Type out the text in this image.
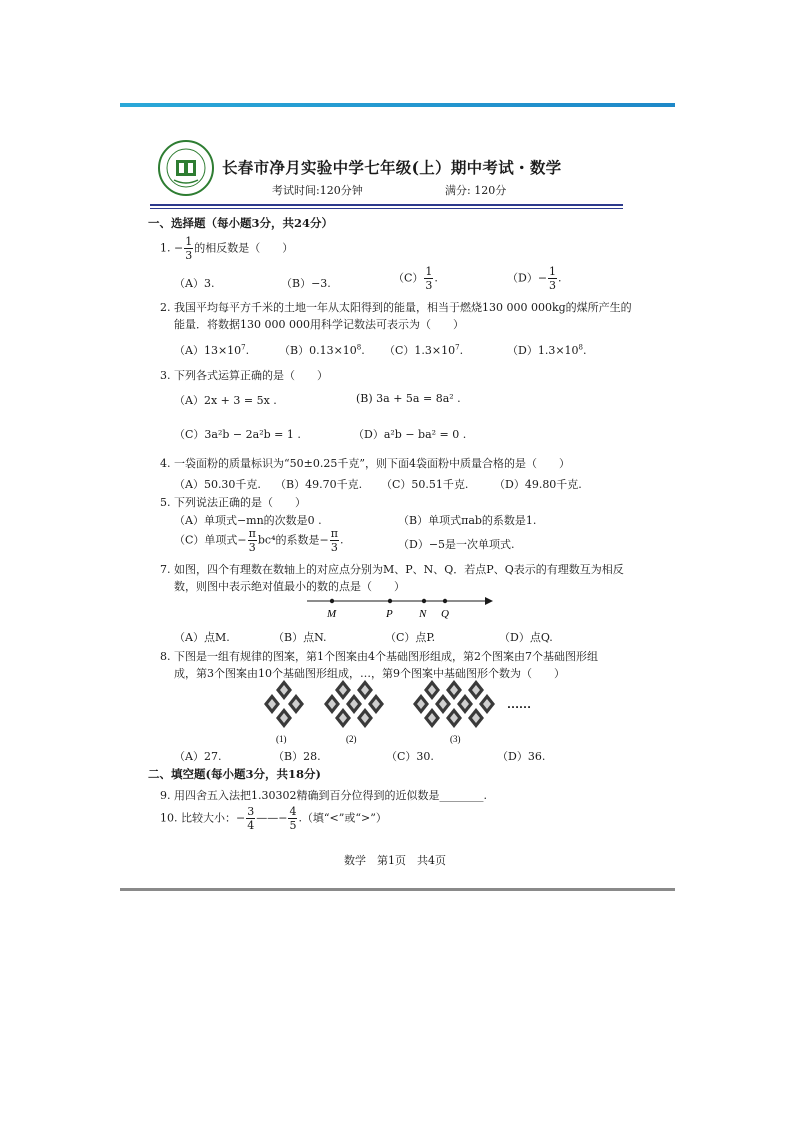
长春市净月实验中学七年级(上）期中考试・数学
考试时间:120分钟	满分: 120分
一、选择题（每小题3分，共24分）
1. − $\frac{1}{3}$ 的相反数是（　　）
（A）3.	（B）−3.	$(C) \frac{1}{3}$ .	$(D)- \frac{1}{3}$ .
2. 我国平均每平方千米的土地一年从太阳得到的能量，相当于燃烧130 000 000kg的煤所产生的
能量．将数据130 000 000用科学记数法可表示为（　　）
$(A)13\times 10^7$.	$(B)0.13\times 10^8$. $(C)1.3\times 10^7$.	$(D)1.3\times 10^8$.
3. 下列各式运算正确的是（　　）
（A）2x + 3 = 5x .	(B) 3a + 5a = 8a² .
（C）3a²b − 2a²b = 1 .	（D）a²b − ba² = 0 .
4. 一袋面粉的质量标识为“50±0.25千克”，则下面4袋面粉中质量合格的是（　　）
（A）50.30千克. （B）49.70千克. （C）50.51千克. （D）49.80千克.
5. 下列说法正确的是（　　）
（A）单项式−mn的次数是0 .	（B）单项式πab的系数是1.
（C）单项式− $\frac{\pi}{3} bc^4$的系数是− $\frac{\pi}{3}$ .	（D）−5是一次单项式.
7. 如图，四个有理数在数轴上的对应点分别为M、P、N、Q．若点P、Q表示的有理数互为相反
数，则图中表示绝对值最小的数的点是（　　）
M	P N Q
（A）点M.	（B）点N.	（C）点P.	（D）点Q.
8. 下图是一组有规律的图案，第1个图案由4个基础图形组成，第2个图案由7个基础图形组
成，第3个图案由10个基础图形组成，…，第9个图案中基础图形个数为（　　）
……
(1)	(2)	(3)
（A）27.	（B）28.	（C）30.	（D）36.
二、填空题(每小题3分，共18分)
9. 用四舍五入法把1.30302精确到百分位得到的近似数是________.
10. 比较大小：− $\frac{3}{4}$ ——− $\frac{4}{5}$ .（填“<”或“>”）
数学　第1页　共4页
